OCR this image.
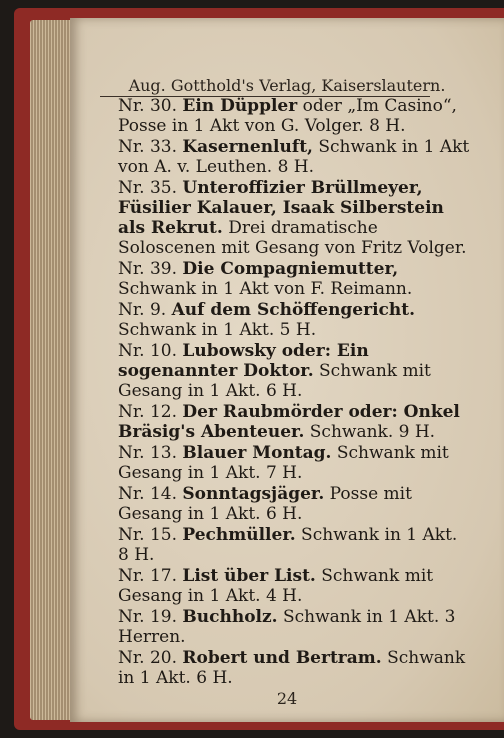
Aug. Gotthold's Verlag, Kaiserslautern.
24
Nr. 30. Ein Düppler oder „Im Casino“, Posse in 1 Akt von G. Volger. 8 H.
Nr. 33. Kasernenluft, Schwank in 1 Akt von A. v. Leuthen. 8 H.
Nr. 35. Unteroffizier Brüllmeyer, Füsilier Kalauer, Isaak Silberstein als Rekrut. Drei dramatische Soloscenen mit Gesang von Fritz Volger.
Nr. 39. Die Compagniemutter, Schwank in 1 Akt von F. Reimann.
Nr. 9. Auf dem Schöffengericht. Schwank in 1 Akt. 5 H.
Nr. 10. Lubowsky oder: Ein sogenannter Doktor. Schwank mit Gesang in 1 Akt. 6 H.
Nr. 12. Der Raubmörder oder: Onkel Bräsig's Abenteuer. Schwank. 9 H.
Nr. 13. Blauer Montag. Schwank mit Gesang in 1 Akt. 7 H.
Nr. 14. Sonntagsjäger. Posse mit Gesang in 1 Akt. 6 H.
Nr. 15. Pechmüller. Schwank in 1 Akt. 8 H.
Nr. 17. List über List. Schwank mit Gesang in 1 Akt. 4 H.
Nr. 19. Buchholz. Schwank in 1 Akt. 3 Herren.
Nr. 20. Robert und Bertram. Schwank in 1 Akt. 6 H.
